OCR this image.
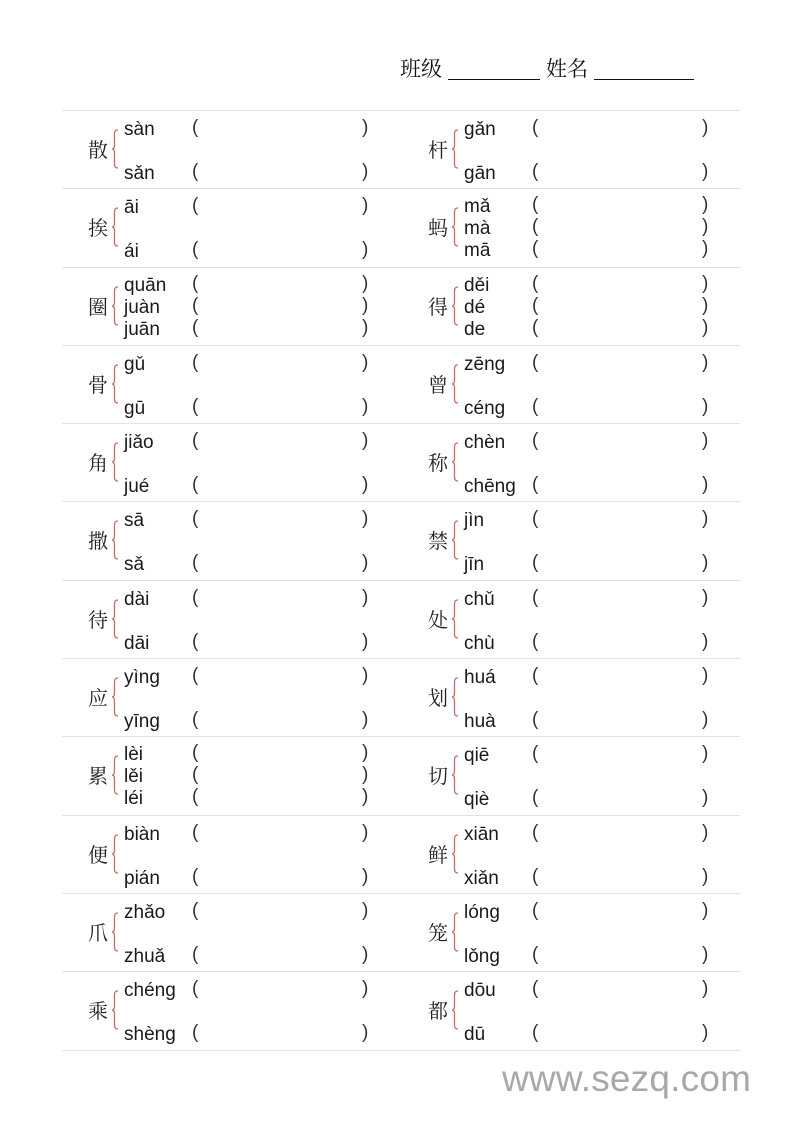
班级	姓名
散
sàn (	)
sǎn (	)
杆
gǎn (	)
gān (	)
挨
āi	(	)
ái	(	)
蚂
mǎ (	)
mà (	)
mā (	)
圈
quān (	)
juàn (	)
juān (	)
得
děi (	)
dé (	)
de (	)
骨
gǔ (	)
gū (	)
曾
zēng (	)
céng (	)
角
jiǎo (	)
jué (	)
称
chèn (	)
chēng (	)
撒
sā	(	)
sǎ	(	)
禁
jìn	(	)
jīn	(	)
待
dài (	)
dāi (	)
处
chǔ (	)
chù (	)
应
yìng (	)
yīng (	)
划
huá (	)
huà (	)
累
lèi	(	)
lěi	(	)
léi	(	)
切
qiē (	)
qiè (	)
便
biàn (	)
pián (	)
鲜
xiān (	)
xiǎn (	)
爪
zhǎo (	)
zhuǎ (	)
笼
lóng (	)
lǒng (	)
乘
chéng (	)
shèng (	)
都
dōu (	)
dū (	)
www.sezq.com
